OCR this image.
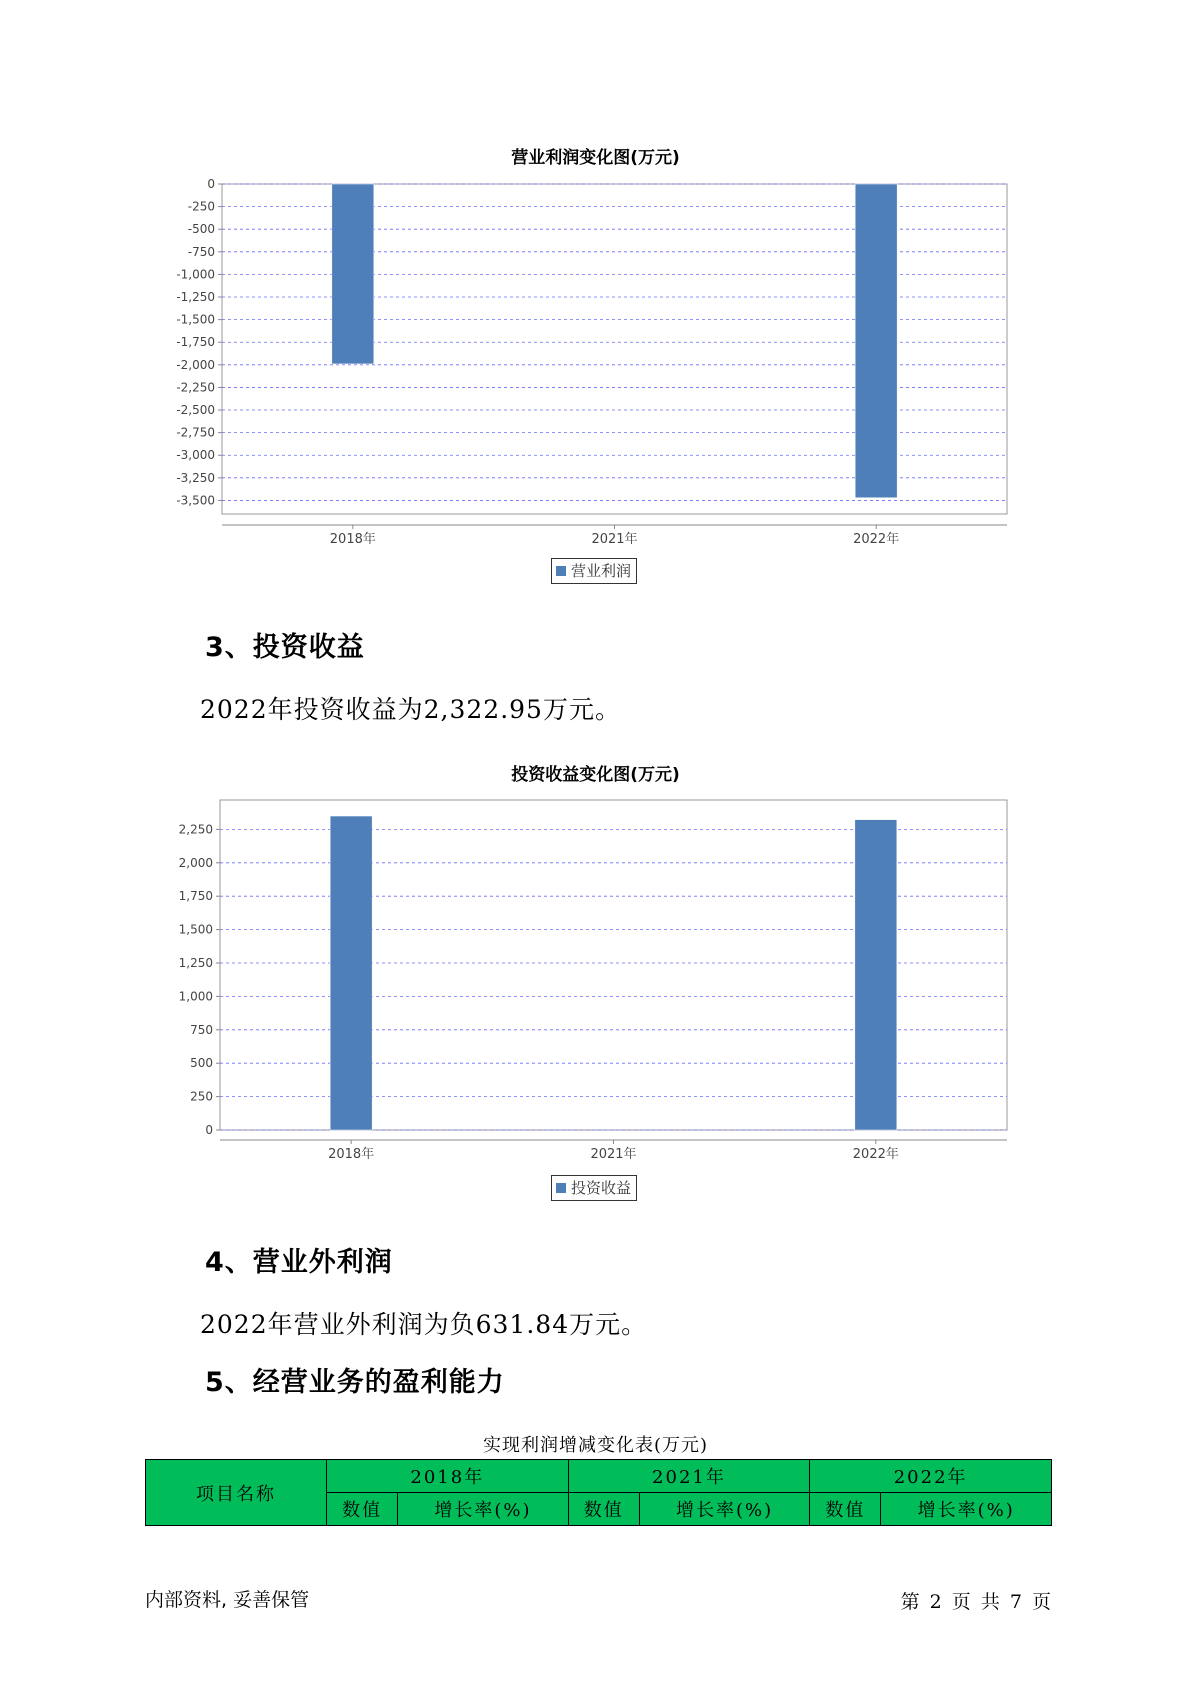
营业利润变化图(万元)
0
-250
-500
-750
-1,000
-1,250
-1,500
-1,750
-2,000
-2,250
-2,500
-2,750
-3,000
-3,250
-3,500
2018年	2021年	2022年
营业利润
3、投资收益
2022年投资收益为2,322.95万元。
投资收益变化图(万元)
0
250
500
750
1,000
1,250
1,500
1,750
2,000
2,250
2018年	2021年	2022年
投资收益
4、营业外利润
2022年营业外利润为负631.84万元。
5、经营业务的盈利能力
实现利润增减变化表(万元)
项目名称	2018年		2021年		2022年	
	数值	增长率(%)	数值	增长率(%)	数值	增长率(%)
内部资料, 妥善保管	第 2 页 共 7 页
